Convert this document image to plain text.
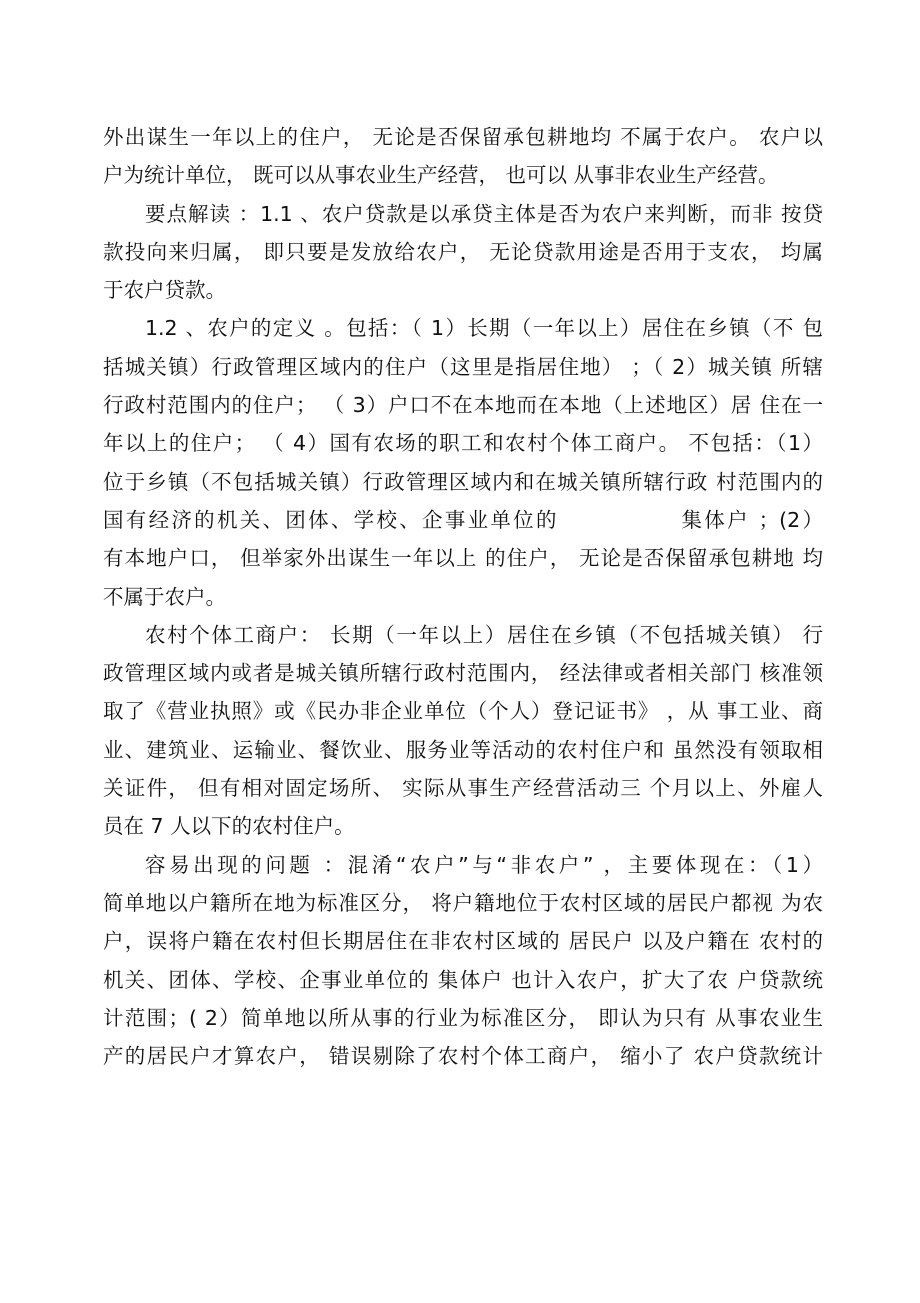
外出谋生一年以上的住户， 无论是否保留承包耕地均 不属于农户。 农户以
户为统计单位， 既可以从事农业生产经营， 也可以 从事非农业生产经营。

要点解读 ：1.1 、农户贷款是以承贷主体是否为农户来判断，而非 按贷
款投向来归属， 即只要是发放给农户， 无论贷款用途是否用于支农， 均属
于农户贷款。

1.2 、农户的定义 。包括：（ 1）长期（一年以上）居住在乡镇（不 包
括城关镇）行政管理区域内的住户（这里是指居住地） ；（ 2）城关镇 所辖
行政村范围内的住户； （ 3）户口不在本地而在本地（上述地区）居 住在一
年以上的住户； （ 4）国有农场的职工和农村个体工商户。 不包括：（1）
位于乡镇（不包括城关镇）行政管理区域内和在城关镇所辖行政 村范围内的
国有经济的机关、团体、学校、企事业单位的　　　　　 集体户 ；(2）
有本地户口， 但举家外出谋生一年以上 的住户， 无论是否保留承包耕地 均
不属于农户。

农村个体工商户： 长期（一年以上）居住在乡镇（不包括城关镇） 行
政管理区域内或者是城关镇所辖行政村范围内， 经法律或者相关部门 核准领
取了《营业执照》或《民办非企业单位（个人）登记证书》 ，从 事工业、商
业、建筑业、运输业、餐饮业、服务业等活动的农村住户和 虽然没有领取相
关证件， 但有相对固定场所、 实际从事生产经营活动三 个月以上、外雇人
员在 7 人以下的农村住户。

容易出现的问题 ：混淆“农户”与“非农户” ，主要体现在：（1）
简单地以户籍所在地为标准区分， 将户籍地位于农村区域的居民户都视 为农
户，误将户籍在农村但长期居住在非农村区域的 居民户 以及户籍在 农村的
机关、团体、学校、企事业单位的 集体户 也计入农户，扩大了农 户贷款统
计范围；( 2）简单地以所从事的行业为标准区分， 即认为只有 从事农业生
产的居民户才算农户， 错误剔除了农村个体工商户， 缩小了 农户贷款统计
